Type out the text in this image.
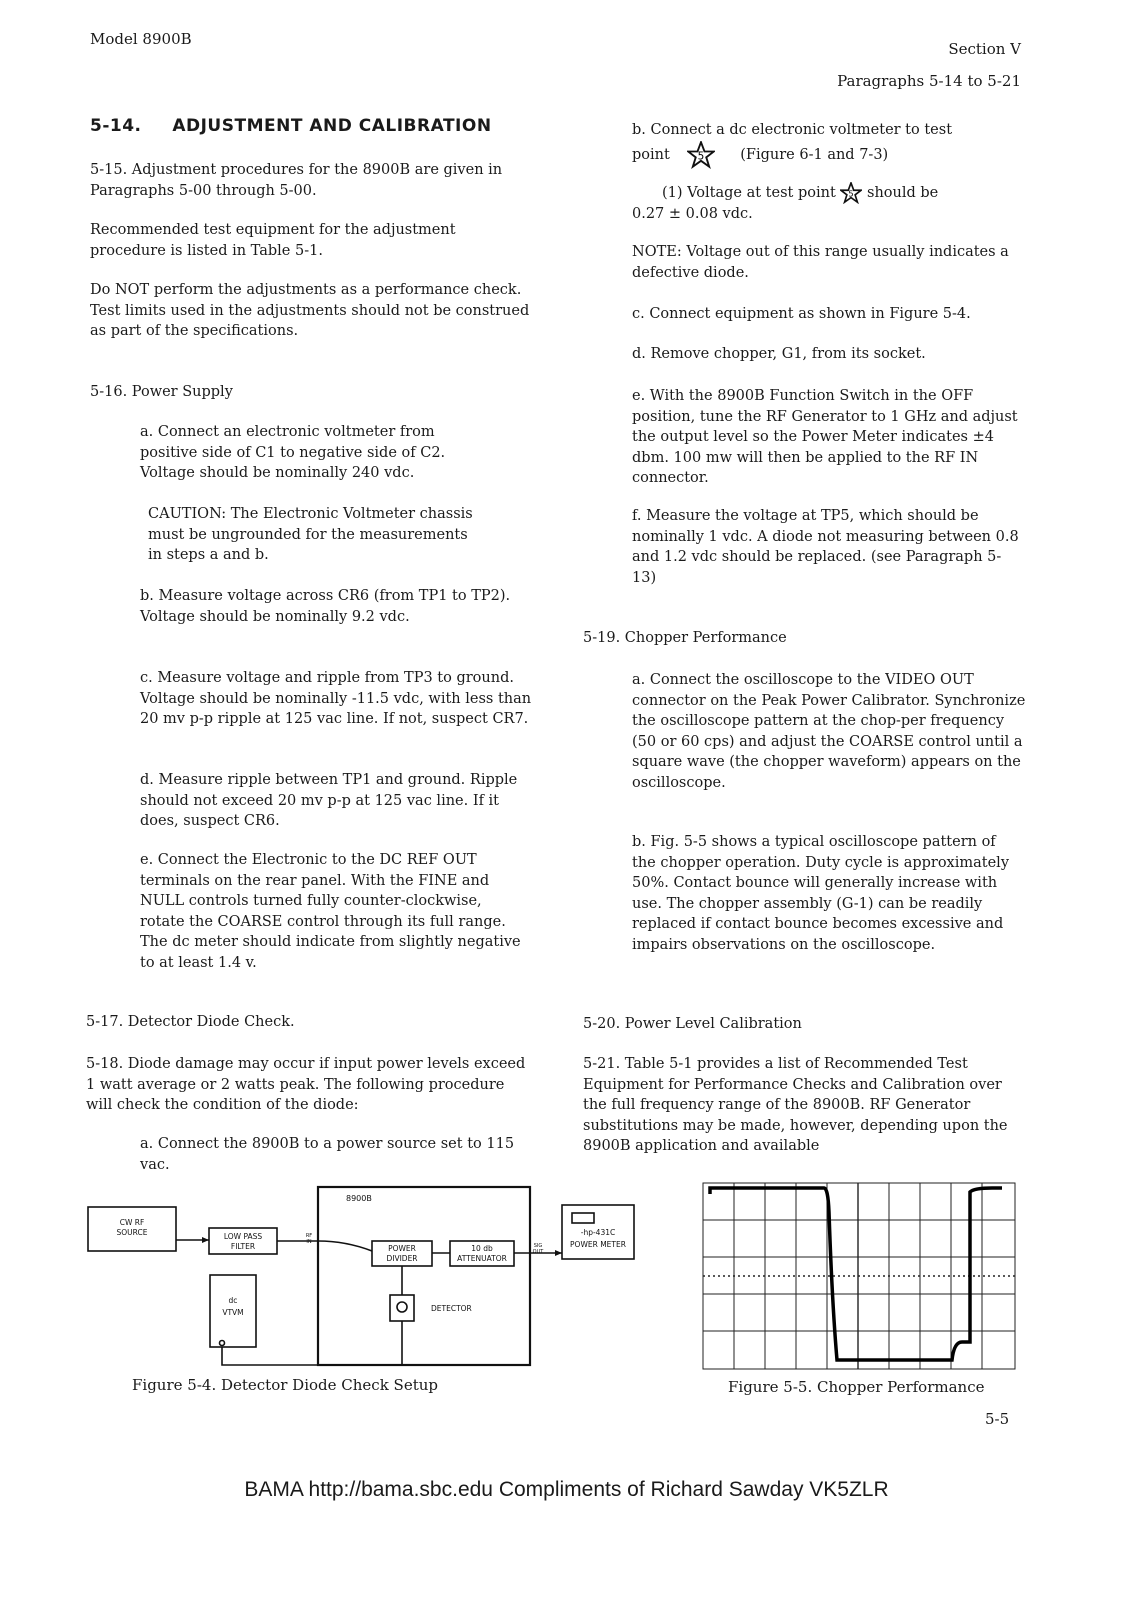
Model 8900B
Section V
Paragraphs 5-14 to 5-21
5-14. ADJUSTMENT AND CALIBRATION
5-15. Adjustment procedures for the 8900B are given in Paragraphs 5-00 through 5-00.
Recommended test equipment for the adjustment procedure is listed in Table 5-1.
Do NOT perform the adjustments as a performance check. Test limits used in the adjustments should not be construed as part of the specifications.
5-16. Power Supply
a. Connect an electronic voltmeter from positive side of C1 to negative side of C2. Voltage should be nominally 240 vdc.
CAUTION: The Electronic Voltmeter chassis must be ungrounded for the measurements in steps a and b.
b. Measure voltage across CR6 (from TP1 to TP2). Voltage should be nominally 9.2 vdc.
c. Measure voltage and ripple from TP3 to ground. Voltage should be nominally -11.5 vdc, with less than 20 mv p-p ripple at 125 vac line. If not, suspect CR7.
d. Measure ripple between TP1 and ground. Ripple should not exceed 20 mv p-p at 125 vac line. If it does, suspect CR6.
e. Connect the Electronic to the DC REF OUT terminals on the rear panel. With the FINE and NULL controls turned fully counter-clockwise, rotate the COARSE control through its full range. The dc meter should indicate from slightly negative to at least 1.4 v.
5-17. Detector Diode Check.
5-18. Diode damage may occur if input power levels exceed 1 watt average or 2 watts peak. The following procedure will check the condition of the diode:
a. Connect the 8900B to a power source set to 115 vac.
b. Connect a dc electronic voltmeter to test
point	5 (Figure 6-1 and 7-3)
(1) Voltage at test point 5 should be
0.27 ± 0.08 vdc.
NOTE: Voltage out of this range usually indicates a defective diode.
c. Connect equipment as shown in Figure 5-4.
d. Remove chopper, G1, from its socket.
e. With the 8900B Function Switch in the OFF position, tune the RF Generator to 1 GHz and adjust the output level so the Power Meter indicates ±4 dbm. 100 mw will then be applied to the RF IN connector.
f. Measure the voltage at TP5, which should be nominally 1 vdc. A diode not measuring between 0.8 and 1.2 vdc should be replaced. (see Paragraph 5-13)
5-19. Chopper Performance
a. Connect the oscilloscope to the VIDEO OUT connector on the Peak Power Calibrator. Synchronize the oscilloscope pattern at the chop-per frequency (50 or 60 cps) and adjust the COARSE control until a square wave (the chopper waveform) appears on the oscilloscope.
b. Fig. 5-5 shows a typical oscilloscope pattern of the chopper operation. Duty cycle is approximately 50%. Contact bounce will generally increase with use. The chopper assembly (G-1) can be readily replaced if contact bounce becomes excessive and impairs observations on the oscilloscope.
5-20. Power Level Calibration
5-21. Table 5-1 provides a list of Recommended Test Equipment for Performance Checks and Calibration over the full frequency range of the 8900B. RF Generator substitutions may be made, however, depending upon the 8900B application and available
CW RF
SOURCE	LOW PASS
FILTER
8900B
POWER
DIVIDER
10 db
ATTENUATOR
DETECTOR
dc
VTVM
-hp-431C
POWER METER
RF
IN
SIG
OUT
Figure 5-4. Detector Diode Check Setup	Figure 5-5. Chopper Performance
5-5
BAMA http://bama.sbc.edu Compliments of Richard Sawday VK5ZLR
